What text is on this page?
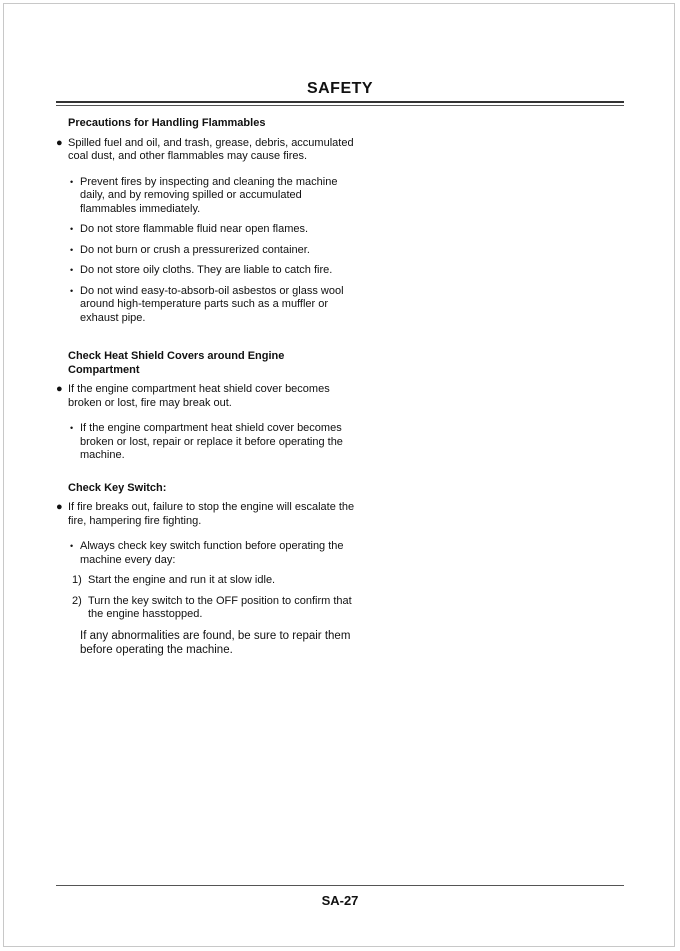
SAFETY
Precautions for Handling Flammables
● Spilled fuel and oil, and trash, grease, debris, accumulated coal dust, and other flammables may cause fires.
• Prevent fires by inspecting and cleaning the machine daily, and by removing spilled or accumulated flammables immediately.
• Do not store flammable fluid near open flames.
• Do not burn or crush a pressurerized container.
• Do not store oily cloths. They are liable to catch fire.
• Do not wind easy-to-absorb-oil asbestos or glass wool around high-temperature parts such as a muffler or exhaust pipe.
Check Heat Shield Covers around Engine Compartment
● If the engine compartment heat shield cover becomes broken or lost, fire may break out.
• If the engine compartment heat shield cover becomes broken or lost, repair or replace it before operating the machine.
Check Key Switch:
● If fire breaks out, failure to stop the engine will escalate the fire, hampering fire fighting.
• Always check key switch function before operating the machine every day:
1) Start the engine and run it at slow idle.
2) Turn the key switch to the OFF position to confirm that the engine hasstopped.

If any abnormalities are found, be sure to repair them before operating the machine.

SA-27
